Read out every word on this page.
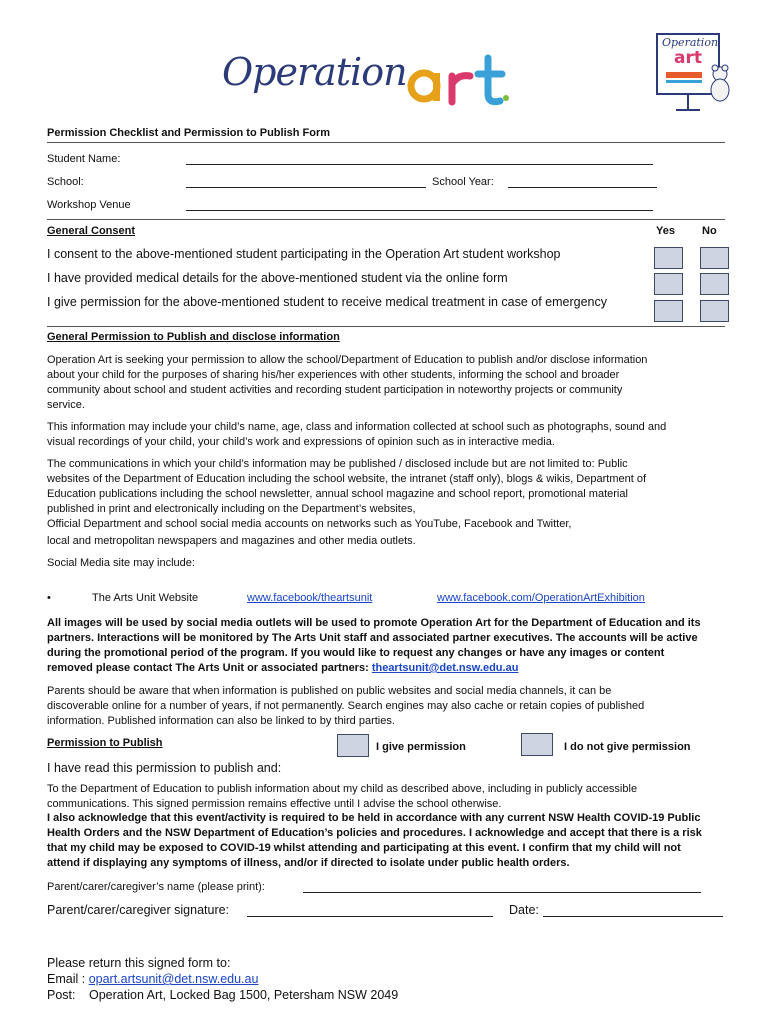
Operation
Operation
art
Permission Checklist and Permission to Publish Form
Student Name:
School:	School Year:
Workshop Venue
General Consent	Yes No
I consent to the above-mentioned student participating in the Operation Art student workshop
I have provided medical details for the above-mentioned student via the online form
I give permission for the above-mentioned student to receive medical treatment in case of emergency
General Permission to Publish and disclose information
Operation Art is seeking your permission to allow the school/Department of Education to publish and/or disclose information
about your child for the purposes of sharing his/her experiences with other students, informing the school and broader
community about school and student activities and recording student participation in noteworthy projects or community
service.
This information may include your child’s name, age, class and information collected at school such as photographs, sound and
visual recordings of your child, your child’s work and expressions of opinion such as in interactive media.
The communications in which your child’s information may be published / disclosed include but are not limited to: Public
websites of the Department of Education including the school website, the intranet (staff only), blogs & wikis, Department of
Education publications including the school newsletter, annual school magazine and school report, promotional material
published in print and electronically including on the Department’s websites,
Official Department and school social media accounts on networks such as YouTube, Facebook and Twitter,
local and metropolitan newspapers and magazines and other media outlets.
Social Media site may include:
•	The Arts Unit Website	www.facebook/theartsunit	www.facebook.com/OperationArtExhibition
All images will be used by social media outlets will be used to promote Operation Art for the Department of Education and its
partners. Interactions will be monitored by The Arts Unit staff and associated partner executives. The accounts will be active
during the promotional period of the program. If you would like to request any changes or have any images or content
removed please contact The Arts Unit or associated partners: theartsunit@det.nsw.edu.au
Parents should be aware that when information is published on public websites and social media channels, it can be
discoverable online for a number of years, if not permanently. Search engines may also cache or retain copies of published
information. Published information can also be linked to by third parties.
Permission to Publish	I give permission	I do not give permission
I have read this permission to publish and:
To the Department of Education to publish information about my child as described above, including in publicly accessible
communications. This signed permission remains effective until I advise the school otherwise.
I also acknowledge that this event/activity is required to be held in accordance with any current NSW Health COVID-19 Public
Health Orders and the NSW Department of Education’s policies and procedures. I acknowledge and accept that there is a risk
that my child may be exposed to COVID-19 whilst attending and participating at this event. I confirm that my child will not
attend if displaying any symptoms of illness, and/or if directed to isolate under public health orders.
Parent/carer/caregiver’s name (please print):
Parent/carer/caregiver signature:	Date:
Please return this signed form to:
Email : opart.artsunit@det.nsw.edu.au
Post: Operation Art, Locked Bag 1500, Petersham NSW 2049
